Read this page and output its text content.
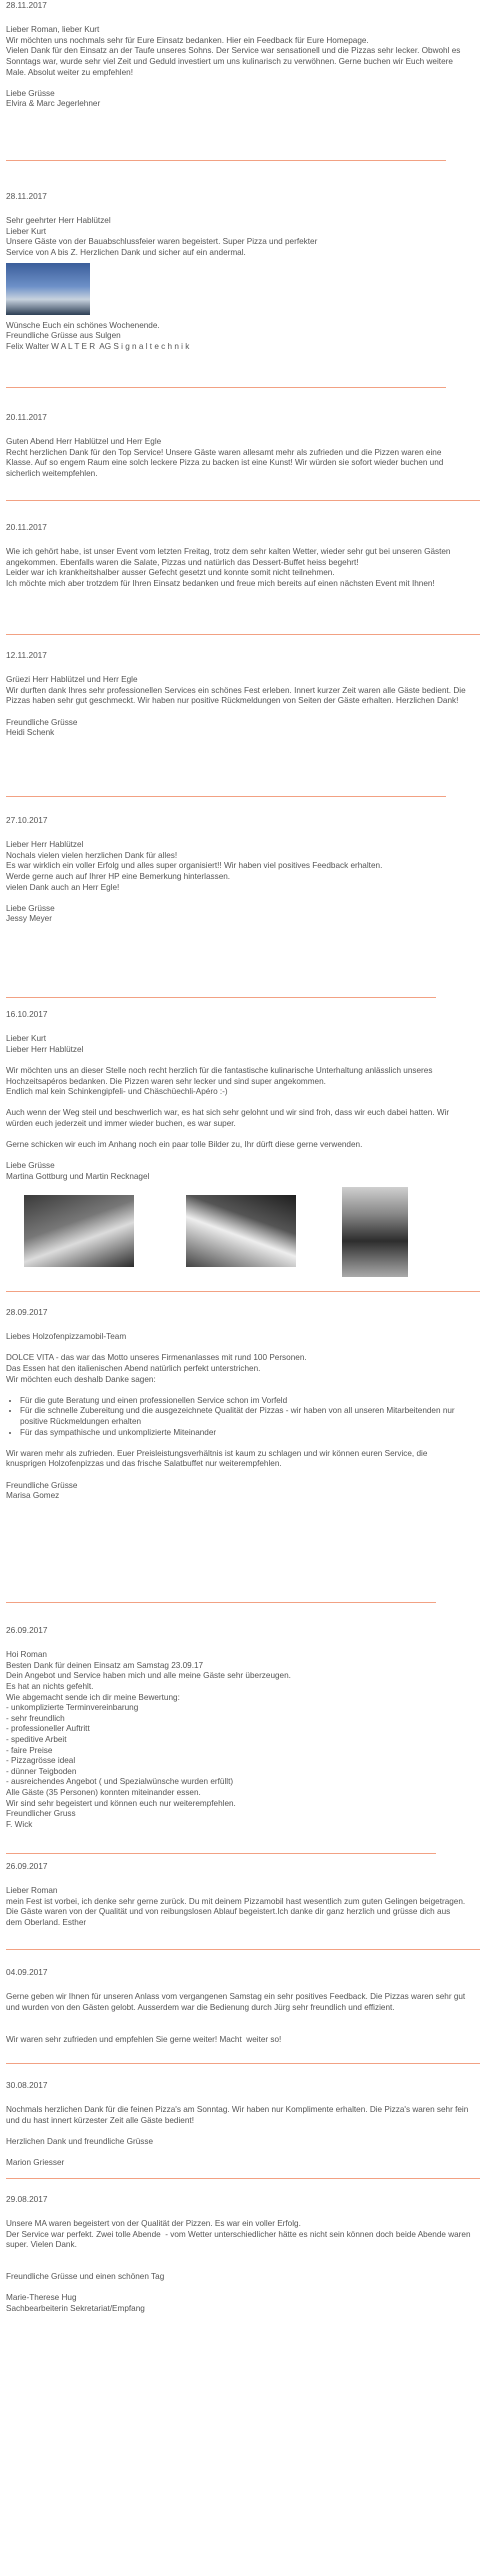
28.11.2017

Lieber Roman, lieber Kurt

Wir möchten uns nochmals sehr für Eure Einsatz bedanken. Hier ein Feedback für Eure Homepage.

Vielen Dank für den Einsatz an der Taufe unseres Sohns. Der Service war sensationell und die Pizzas sehr lecker. Obwohl es Sonntags war, wurde sehr viel Zeit und Geduld investiert um uns kulinarisch zu verwöhnen. Gerne buchen wir Euch weitere Male. Absolut weiter zu empfehlen!

Liebe Grüsse

Elvira & Marc Jegerlehner

28.11.2017

Sehr geehrter Herr Hablützel

Lieber Kurt

Unsere Gäste von der Bauabschlussfeier waren begeistert. Super Pizza und perfekter

Service von A bis Z. Herzlichen Dank und sicher auf ein andermal.

Wünsche Euch ein schönes Wochenende.

Freundliche Grüsse aus Sulgen

Felix Walter W A L T E R  AG S i g n a l t e c h n i k

20.11.2017

Guten Abend Herr Hablützel und Herr Egle

Recht herzlichen Dank für den Top Service! Unsere Gäste waren allesamt mehr als zufrieden und die Pizzen waren eine Klasse. Auf so engem Raum eine solch leckere Pizza zu backen ist eine Kunst! Wir würden sie sofort wieder buchen und sicherlich weitempfehlen.

20.11.2017

Wie ich gehört habe, ist unser Event vom letzten Freitag, trotz dem sehr kalten Wetter, wieder sehr gut bei unseren Gästen angekommen. Ebenfalls waren die Salate, Pizzas und natürlich das Dessert-Buffet heiss begehrt!

Leider war ich krankheitshalber ausser Gefecht gesetzt und konnte somit nicht teilnehmen.

Ich möchte mich aber trotzdem für Ihren Einsatz bedanken und freue mich bereits auf einen nächsten Event mit Ihnen!

12.11.2017

Grüezi Herr Hablützel und Herr Egle

Wir durften dank Ihres sehr professionellen Services ein schönes Fest erleben. Innert kurzer Zeit waren alle Gäste bedient. Die Pizzas haben sehr gut geschmeckt. Wir haben nur positive Rückmeldungen von Seiten der Gäste erhalten. Herzlichen Dank!

Freundliche Grüsse

Heidi Schenk

27.10.2017

Lieber Herr Hablützel

Nochals vielen vielen herzlichen Dank für alles!

Es war wirklich ein voller Erfolg und alles super organisiert!! Wir haben viel positives Feedback erhalten.

Werde gerne auch auf Ihrer HP eine Bemerkung hinterlassen.

vielen Dank auch an Herr Egle!

Liebe Grüsse

Jessy Meyer

16.10.2017

Lieber Kurt

Lieber Herr Hablützel

Wir möchten uns an dieser Stelle noch recht herzlich für die fantastische kulinarische Unterhaltung anlässlich unseres Hochzeitsapéros bedanken. Die Pizzen waren sehr lecker und sind super angekommen.

Endlich mal kein Schinkengipfeli- und Chäschüechli-Apéro :-)

Auch wenn der Weg steil und beschwerlich war, es hat sich sehr gelohnt und wir sind froh, dass wir euch dabei hatten. Wir würden euch jederzeit und immer wieder buchen, es war super.

Gerne schicken wir euch im Anhang noch ein paar tolle Bilder zu, Ihr dürft diese gerne verwenden.

Liebe Grüsse

Martina Gottburg und Martin Recknagel

28.09.2017

Liebes Holzofenpizzamobil-Team

DOLCE VITA - das war das Motto unseres Firmenanlasses mit rund 100 Personen.

Das Essen hat den italienischen Abend natürlich perfekt unterstrichen.

Wir möchten euch deshalb Danke sagen:

• Für die gute Beratung und einen professionellen Service schon im Vorfeld
• Für die schnelle Zubereitung und die ausgezeichnete Qualität der Pizzas - wir haben von all unseren Mitarbeitenden nur positive Rückmeldungen erhalten
• Für das sympathische und unkomplizierte Miteinander

Wir waren mehr als zufrieden. Euer Preisleistungsverhältnis ist kaum zu schlagen und wir können euren Service, die knusprigen Holzofenpizzas und das frische Salatbuffet nur weiterempfehlen.

Freundliche Grüsse

Marisa Gomez

26.09.2017

Hoi Roman

Besten Dank für deinen Einsatz am Samstag 23.09.17

Dein Angebot und Service haben mich und alle meine Gäste sehr überzeugen.

Es hat an nichts gefehlt.

Wie abgemacht sende ich dir meine Bewertung:

- unkomplizierte Terminvereinbarung

- sehr freundlich

- professioneller Auftritt

- speditive Arbeit

- faire Preise

- Pizzagrösse ideal

- dünner Teigboden

- ausreichendes Angebot ( und Spezialwünsche wurden erfüllt)

Alle Gäste (35 Personen) konnten miteinander essen.

Wir sind sehr begeistert und können euch nur weiterempfehlen.

Freundlicher Gruss

F. Wick

26.09.2017

Lieber Roman

mein Fest ist vorbei, ich denke sehr gerne zurück. Du mit deinem Pizzamobil hast wesentlich zum guten Gelingen beigetragen. Die Gäste waren von der Qualität und von reibungslosen Ablauf begeistert.Ich danke dir ganz herzlich und grüsse dich aus dem Oberland. Esther

04.09.2017

Gerne geben wir Ihnen für unseren Anlass vom vergangenen Samstag ein sehr positives Feedback. Die Pizzas waren sehr gut und wurden von den Gästen gelobt. Ausserdem war die Bedienung durch Jürg sehr freundlich und effizient.

Wir waren sehr zufrieden und empfehlen Sie gerne weiter! Macht  weiter so!

30.08.2017

Nochmals herzlichen Dank für die feinen Pizza's am Sonntag. Wir haben nur Komplimente erhalten. Die Pizza's waren sehr fein und du hast innert kürzester Zeit alle Gäste bedient!

Herzlichen Dank und freundliche Grüsse

Marion Griesser

29.08.2017

Unsere MA waren begeistert von der Qualität der Pizzen. Es war ein voller Erfolg.

Der Service war perfekt. Zwei tolle Abende  - vom Wetter unterschiedlicher hätte es nicht sein können doch beide Abende waren super. Vielen Dank.

Freundliche Grüsse und einen schönen Tag

Marie-Therese Hug

Sachbearbeiterin Sekretariat/Empfang
